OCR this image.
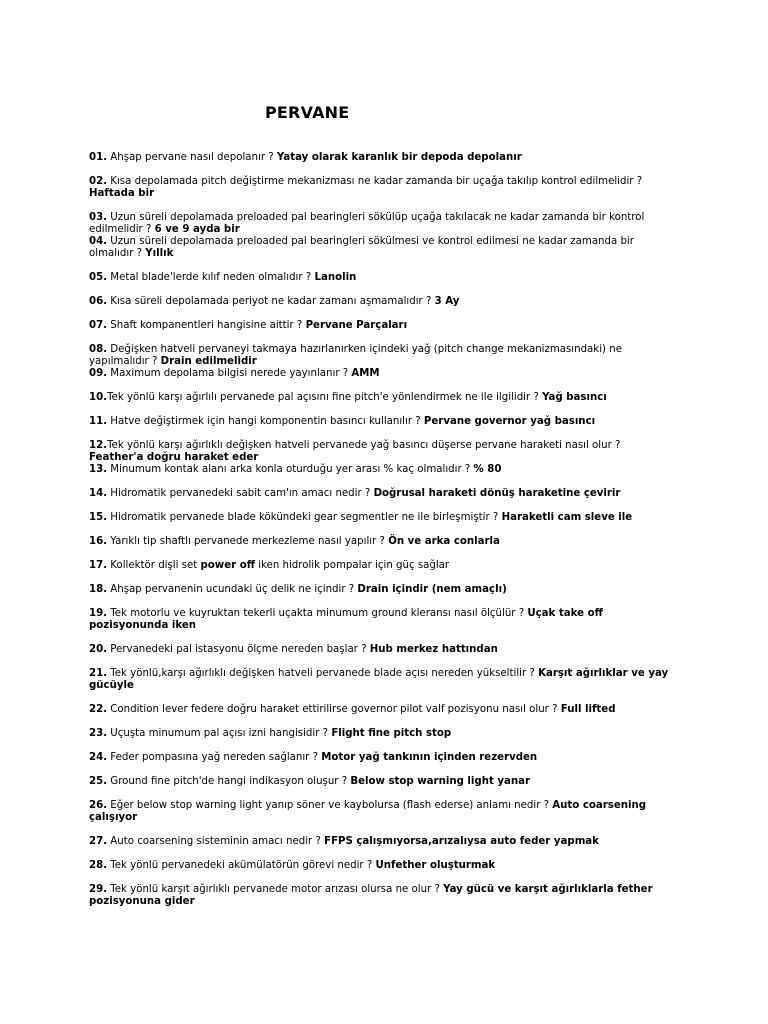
PERVANE

01. Ahşap pervane nasıl depolanır ? Yatay olarak karanlık bir depoda depolanır

02. Kısa depolamada pitch değiştirme mekanizması ne kadar zamanda bir uçağa takılıp kontrol edilmelidir ? Haftada bir

03. Uzun süreli depolamada preloaded pal bearingleri sökülüp uçağa takılacak ne kadar zamanda bir kontrol edilmelidir ? 6 ve 9 ayda bir

04. Uzun süreli depolamada preloaded pal bearingleri sökülmesi ve kontrol edilmesi ne kadar zamanda bir olmalıdır ? Yıllık

05. Metal blade'lerde kılıf neden olmalıdır ? Lanolin

06. Kısa süreli depolamada periyot ne kadar zamanı aşmamalıdır ? 3 Ay

07. Shaft kompanentleri hangisine aittir ? Pervane Parçaları

08. Değişken hatveli pervaneyi takmaya hazırlanırken içindeki yağ (pitch change mekanizmasındaki) ne yapılmalıdır ? Drain edilmelidir

09. Maximum depolama bilgisi nerede yayınlanır ? AMM

10.Tek yönlü karşı ağırlılı pervanede pal açısını fine pitch'e yönlendirmek ne ile ilgilidir ? Yağ basıncı

11. Hatve değiştirmek için hangi komponentin basıncı kullanılır ? Pervane governor yağ basıncı

12.Tek yönlü karşı ağırlıklı değişken hatveli pervanede yağ basıncı düşerse pervane haraketi nasıl olur ? Feather'a doğru haraket eder

13. Minumum kontak alanı arka konla oturduğu yer arası % kaç olmalıdır ? % 80

14. Hidromatik pervanedeki sabit cam'ın amacı nedir ? Doğrusal haraketi dönüş haraketine çevirir

15. Hidromatik pervanede blade kökündeki gear segmentler ne ile birleşmiştir ? Haraketli cam sleve ile

16. Yarıklı tip shaftlı pervanede merkezleme nasıl yapılır ? Ön ve arka conlarla

17. Kollektör dişli set power off iken hidrolik pompalar için güç sağlar

18. Ahşap pervanenin ucundaki üç delik ne içindir ? Drain içindir (nem amaçlı)

19. Tek motorlu ve kuyruktan tekerli uçakta minumum ground kleransı nasıl ölçülür ? Uçak take off pozisyonunda iken

20. Pervanedeki pal istasyonu ölçme nereden başlar ? Hub merkez hattından

21. Tek yönlü,karşı ağırlıklı değişken hatveli pervanede blade açısı nereden yükseltilir ? Karşıt ağırlıklar ve yay gücüyle

22. Condition lever federe doğru haraket ettirilirse governor pilot valf pozisyonu nasıl olur ? Full lifted

23. Uçuşta minumum pal açısı izni hangisidir ? Flight fine pitch stop

24. Feder pompasına yağ nereden sağlanır ? Motor yağ tankının içinden rezervden

25. Ground fine pitch'de hangi indikasyon oluşur ? Below stop warning light yanar

26. Eğer below stop warning light yanıp söner ve kaybolursa (flash ederse) anlamı nedir ? Auto coarsening çalışıyor

27. Auto coarsening sisteminin amacı nedir ? FFPS çalışmıyorsa,arızalıysa auto feder yapmak

28. Tek yönlü pervanedeki akümülatörün görevi nedir ? Unfether oluşturmak

29. Tek yönlü karşıt ağırlıklı pervanede motor arızası olursa ne olur ? Yay gücü ve karşıt ağırlıklarla fether pozisyonuna gider
